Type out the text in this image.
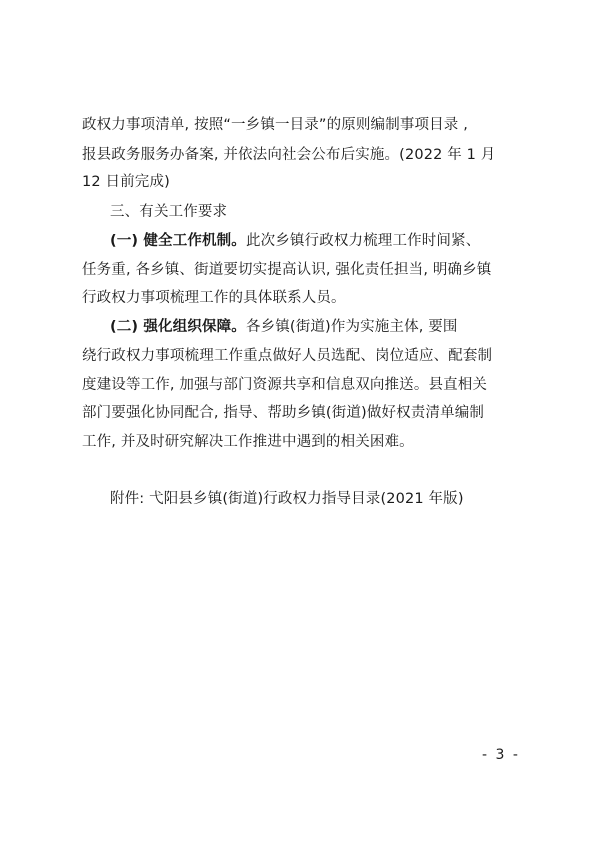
政权力事项清单, 按照“一乡镇一目录”的原则编制事项目录 ,
报县政务服务办备案, 并依法向社会公布后实施。(2022 年 1 月
12 日前完成)
三、有关工作要求
(一) 健全工作机制。此次乡镇行政权力梳理工作时间紧、
任务重, 各乡镇、街道要切实提高认识, 强化责任担当, 明确乡镇
行政权力事项梳理工作的具体联系人员。
(二) 强化组织保障。各乡镇(街道)作为实施主体, 要围
绕行政权力事项梳理工作重点做好人员选配、岗位适应、配套制
度建设等工作, 加强与部门资源共享和信息双向推送。县直相关
部门要强化协同配合, 指导、帮助乡镇(街道)做好权责清单编制
工作, 并及时研究解决工作推进中遇到的相关困难。
附件: 弋阳县乡镇(街道)行政权力指导目录(2021 年版)
- 3 -
